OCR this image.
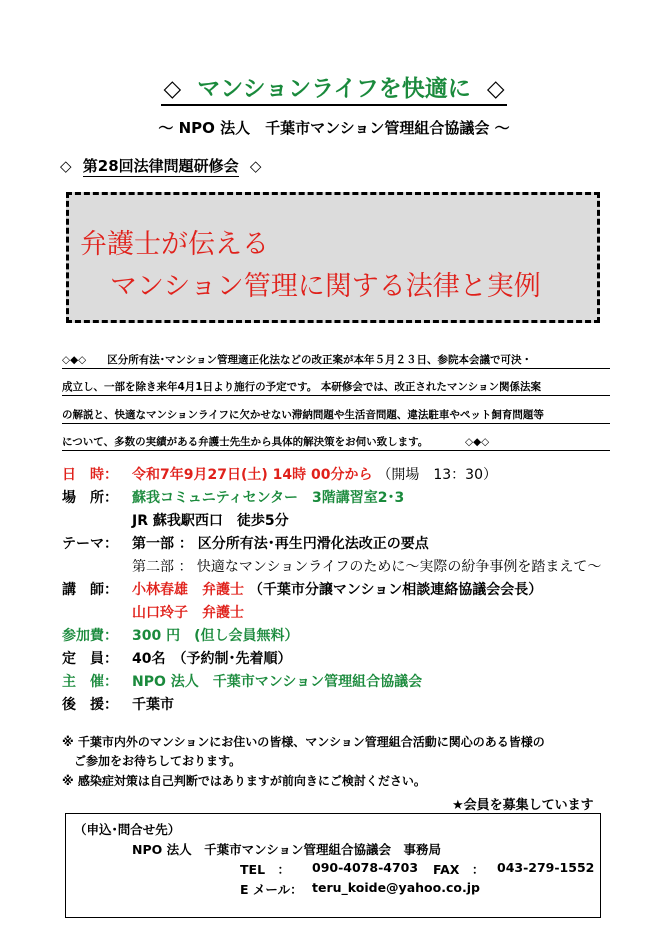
◇ マンションライフを快適に ◇
～ NPO 法人　千葉市マンション管理組合協議会 ～
◇ 第28回法律問題研修会 ◇
弁護士が伝える
マンション管理に関する法律と実例
◇◆◇　　区分所有法･マンション管理適正化法などの改正案が本年５月２３日、参院本会議で可決・
成立し、一部を除き来年4月1日より施行の予定です。 本研修会では、改正されたマンション関係法案
の解説と、快適なマンションライフに欠かせない滞納問題や生活音問題、違法駐車やペット飼育問題等
について、多数の実績がある弁護士先生から具体的解決策をお伺い致します。　　　　◇◆◇
日　時： 令和7年9月27日(土) 14時 00分から （開場　13：30）
場　所： 蘇我コミュニティセンター　3階講習室2･3
JR 蘇我駅西口　徒歩5分
テーマ： 第一部 ： 区分所有法･再生円滑化法改正の要点
第二部 ： 快適なマンションライフのために～実際の紛争事例を踏まえて～
講　師： 小林春雄　弁護士 （千葉市分譲マンション相談連絡協議会会長）
山口玲子　弁護士
参加費： 300 円　(但し会員無料）
定　員： 40名　（予約制･先着順）
主　催： NPO 法人　千葉市マンション管理組合協議会
後　援： 千葉市
※ 千葉市内外のマンションにお住いの皆様、マンション管理組合活動に関心のある皆様の
　ご参加をお待ちしております。
※ 感染症対策は自己判断ではありますが前向きにご検討ください。
★会員を募集しています
（申込･問合せ先）
NPO 法人　千葉市マンション管理組合協議会　事務局
TEL　： 090-4078-4703 FAX　： 043-279-1552
E メール： teru_koide@yahoo.co.jp
